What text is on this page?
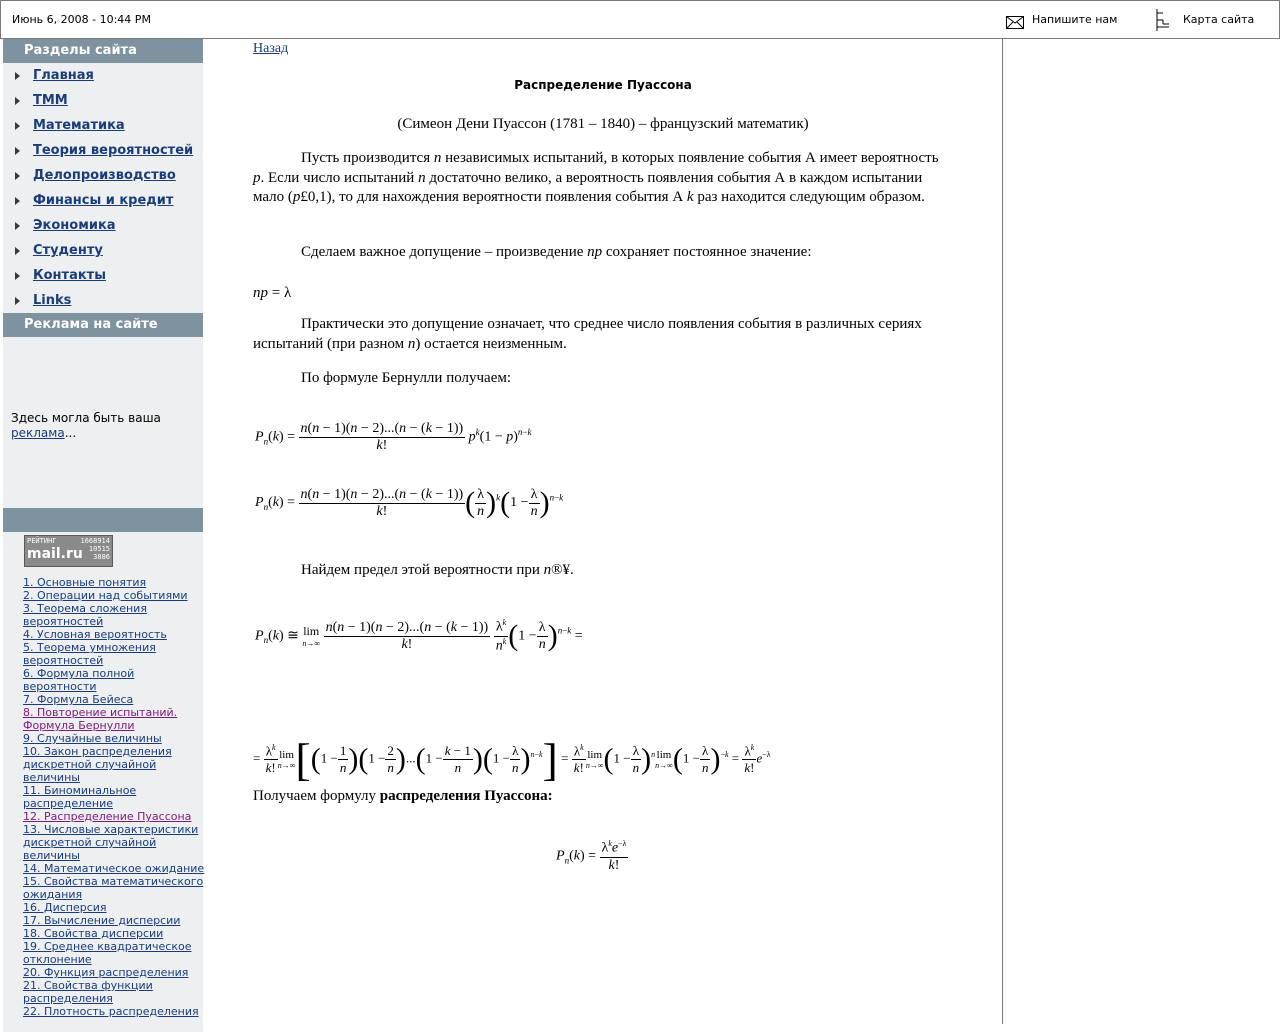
Июнь 6, 2008 - 10:44 PM	Напишите нам	Карта сайта
Разделы сайта
Главная
ТММ
Математика
Теория вероятностей
Делопроизводство
Финансы и кредит
Экономика
Студенту
Контакты
Links
Реклама на сайте
Здесь могла быть ваша
реклама...
РЕЙТИНГ	1668914
10515
3886
mail.ru
1. Основные понятия
2. Операции над событиями
3. Теорема сложения вероятностей
4. Условная вероятность
5. Теорема умножения вероятностей
6. Формула полной вероятности
7. Формула Бейеса
8. Повторение испытаний. Формула Бернулли
9. Случайные величины
10. Закон распределения дискретной случайной величины
11. Биноминальное распределение
12. Распределение Пуассона
13. Числовые характеристики дискретной случайной величины
14. Математическое ожидание
15. Свойства математического ожидания
16. Дисперсия
17. Вычисление дисперсии
18. Свойства дисперсии
19. Среднее квадратическое отклонение
20. Функция распределения
21. Свойства функции распределения
22. Плотность распределения
Назад
Распределение Пуассона
(Симеон Дени Пуассон (1781 – 1840) – французский математик)
Пусть производится n независимых испытаний, в которых появление события А имеет вероятность p. Если число испытаний n достаточно велико, а вероятность появления события А в каждом испытании мало (p£0,1), то для нахождения вероятности появления события А k раз находится следующим образом.
Сделаем важное допущение – произведение np сохраняет постоянное значение:
np = λ
Практически это допущение означает, что среднее число появления события в различных сериях испытаний (при разном n) остается неизменным.
По формуле Бернулли получаем:
$P_n(k) = \frac{n(n - 1)(n - 2)...(n - (k - 1))}{k!} p^k(1 - p)^{n-k}$
$P_n(k) = \frac{n(n - 1)(n - 2)...(n - (k - 1))}{k!}$ ( $\frac{\lambda}{n} )^k(1 - \frac{\lambda}{n} )^{n-k}$
Найдем предел этой вероятности при n®¥.
$P_n(k)$ ≅ lim
n→∞
$\frac{n(n - 1)(n - 2)...(n - (k - 1))}{k!}$
$\frac{\lambda^k}{n^k} (1 - \frac{\lambda}{n} )^{n-k}$ =
= $\frac{\lambda^k}{k!}$ lim
n→∞ $[(1 - \frac{1}{n} )(1 - \frac{2}{n} )...(1 - \frac{k - 1}{n} )(1 - \frac{\lambda}{n} )^{n-k}] = \frac{\lambda^k}{k!}$ lim
n→∞ $(1 - \frac{\lambda}{n} )^n$ lim
n→∞ $(1 - \frac{\lambda}{n} )^{-k} = \frac{\lambda^k}{k!} e^{-\lambda}$
Получаем формулу распределения Пуассона:
$P_n(k) = \frac{\lambda^ke^{-\lambda}}{k!}$
